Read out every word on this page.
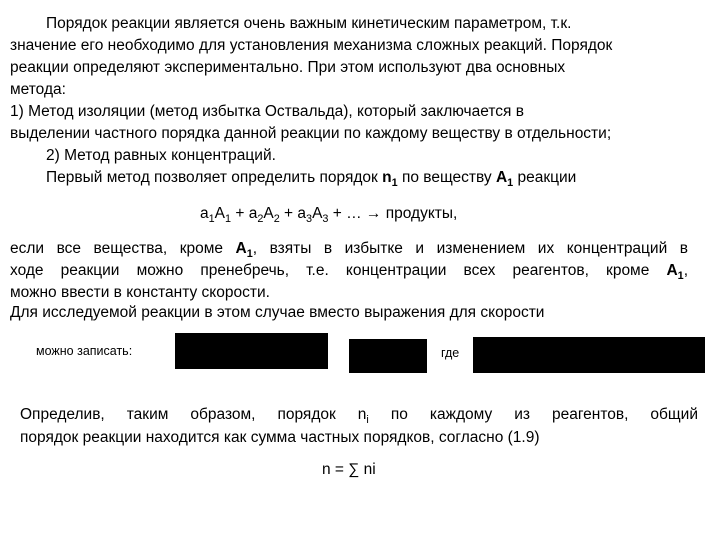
Порядок реакции является очень важным кинетическим параметром, т.к.

значение его необходимо для установления механизма сложных реакций. Порядок

реакции определяют экспериментально. При этом используют два основных

метода:

1) Метод изоляции (метод избытка Оствальда), который заключается в

выделении частного порядка данной реакции по каждому веществу в отдельности;

2) Метод равных концентраций.

Первый метод позволяет определить порядок $n_1$ по веществу $A_1$ реакции

$a_1A_1 + a_2A_2 + a_3A_3$ + … → продукты,

если все вещества, кроме $A_1$, взяты в избытке и изменением их концентраций в

ходе реакции можно пренебречь, т.е. концентрации всех реагентов, кроме $A_1$,

можно ввести в константу скорости.

Для исследуемой реакции в этом случае вместо выражения для скорости

можно записать:	где

Определив, таким образом, порядок $n_i$ по каждому из реагентов, общий

порядок реакции находится как сумма частных порядков, согласно (1.9)

n = ∑ ni
